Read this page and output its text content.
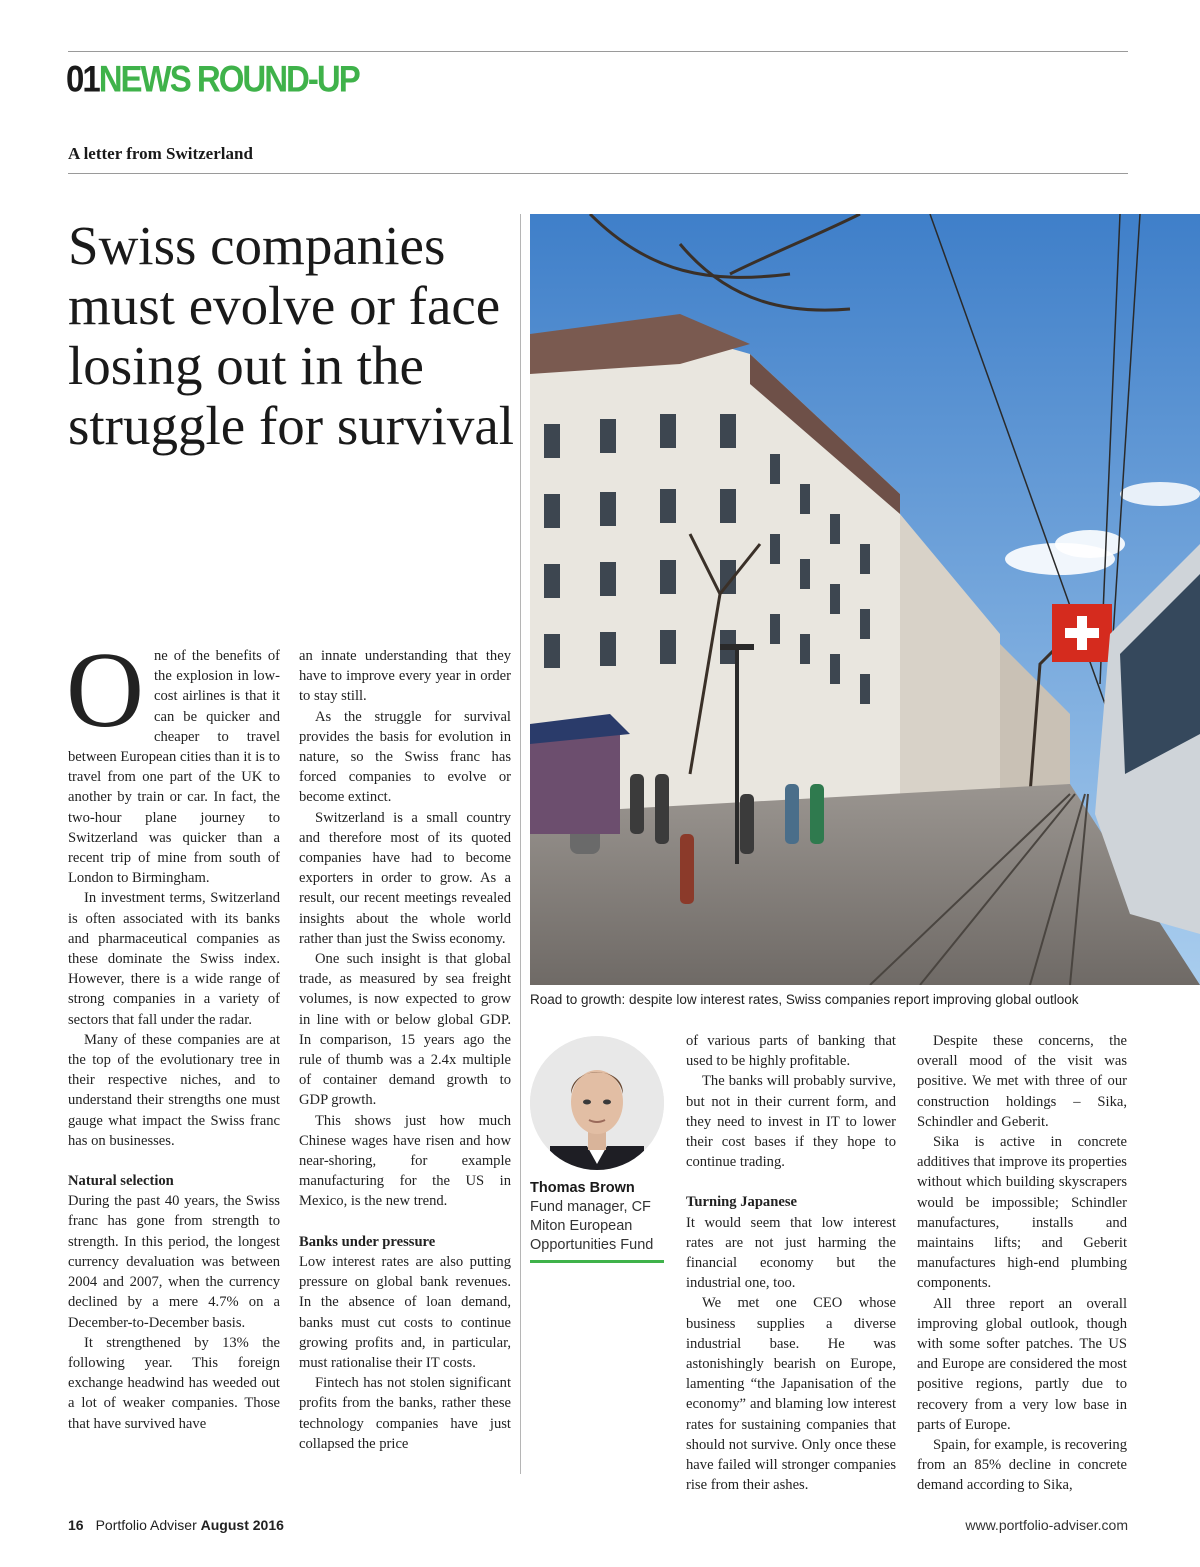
01NEWS ROUND-UP
A letter from Switzerland
Swiss companies must evolve or face losing out in the struggle for survival

One of the benefits of the explosion in low-cost airlines is that it can be quicker and cheaper to travel between European cities than it is to travel from one part of the UK to another by train or car. In fact, the two-hour plane journey to Switzerland was quicker than a recent trip of mine from south of London to Birmingham.

In investment terms, Switzerland is often associated with its banks and pharmaceutical companies as these dominate the Swiss index. However, there is a wide range of strong companies in a variety of sectors that fall under the radar.

Many of these companies are at the top of the evolutionary tree in their respective niches, and to understand their strengths one must gauge what impact the Swiss franc has on businesses.

Natural selection

During the past 40 years, the Swiss franc has gone from strength to strength. In this period, the longest currency devaluation was between 2004 and 2007, when the currency declined by a mere 4.7% on a December-to-December basis.

It strengthened by 13% the following year. This foreign exchange headwind has weeded out a lot of weaker companies. Those that have survived have

an innate understanding that they have to improve every year in order to stay still.

As the struggle for survival provides the basis for evolution in nature, so the Swiss franc has forced companies to evolve or become extinct.

Switzerland is a small country and therefore most of its quoted companies have had to become exporters in order to grow. As a result, our recent meetings revealed insights about the whole world rather than just the Swiss economy.

One such insight is that global trade, as measured by sea freight volumes, is now expected to grow in line with or below global GDP. In comparison, 15 years ago the rule of thumb was a 2.4x multiple of container demand growth to GDP growth.

This shows just how much Chinese wages have risen and how near-shoring, for example manufacturing for the US in Mexico, is the new trend.

Banks under pressure

Low interest rates are also putting pressure on global bank revenues. In the absence of loan demand, banks must cut costs to continue growing profits and, in particular, must rationalise their IT costs.

Fintech has not stolen significant profits from the banks, rather these technology companies have just collapsed the price

Road to growth: despite low interest rates, Swiss companies report improving global outlook
Thomas Brown
Fund manager, CF Miton European Opportunities Fund

of various parts of banking that used to be highly profitable.

The banks will probably survive, but not in their current form, and they need to invest in IT to lower their cost bases if they hope to continue trading.

Turning Japanese

It would seem that low interest rates are not just harming the financial economy but the industrial one, too.

We met one CEO whose business supplies a diverse industrial base. He was astonishingly bearish on Europe, lamenting “the Japanisation of the economy” and blaming low interest rates for sustaining companies that should not survive. Only once these have failed will stronger companies rise from their ashes.

Despite these concerns, the overall mood of the visit was positive. We met with three of our construction holdings – Sika, Schindler and Geberit.

Sika is active in concrete additives that improve its properties without which building skyscrapers would be impossible; Schindler manufactures, installs and maintains lifts; and Geberit manufactures high-end plumbing components.

All three report an overall improving global outlook, though with some softer patches. The US and Europe are considered the most positive regions, partly due to recovery from a very low base in parts of Europe.

Spain, for example, is recovering from an 85% decline in concrete demand according to Sika,

16 Portfolio Adviser August 2016	www.portfolio-adviser.com
